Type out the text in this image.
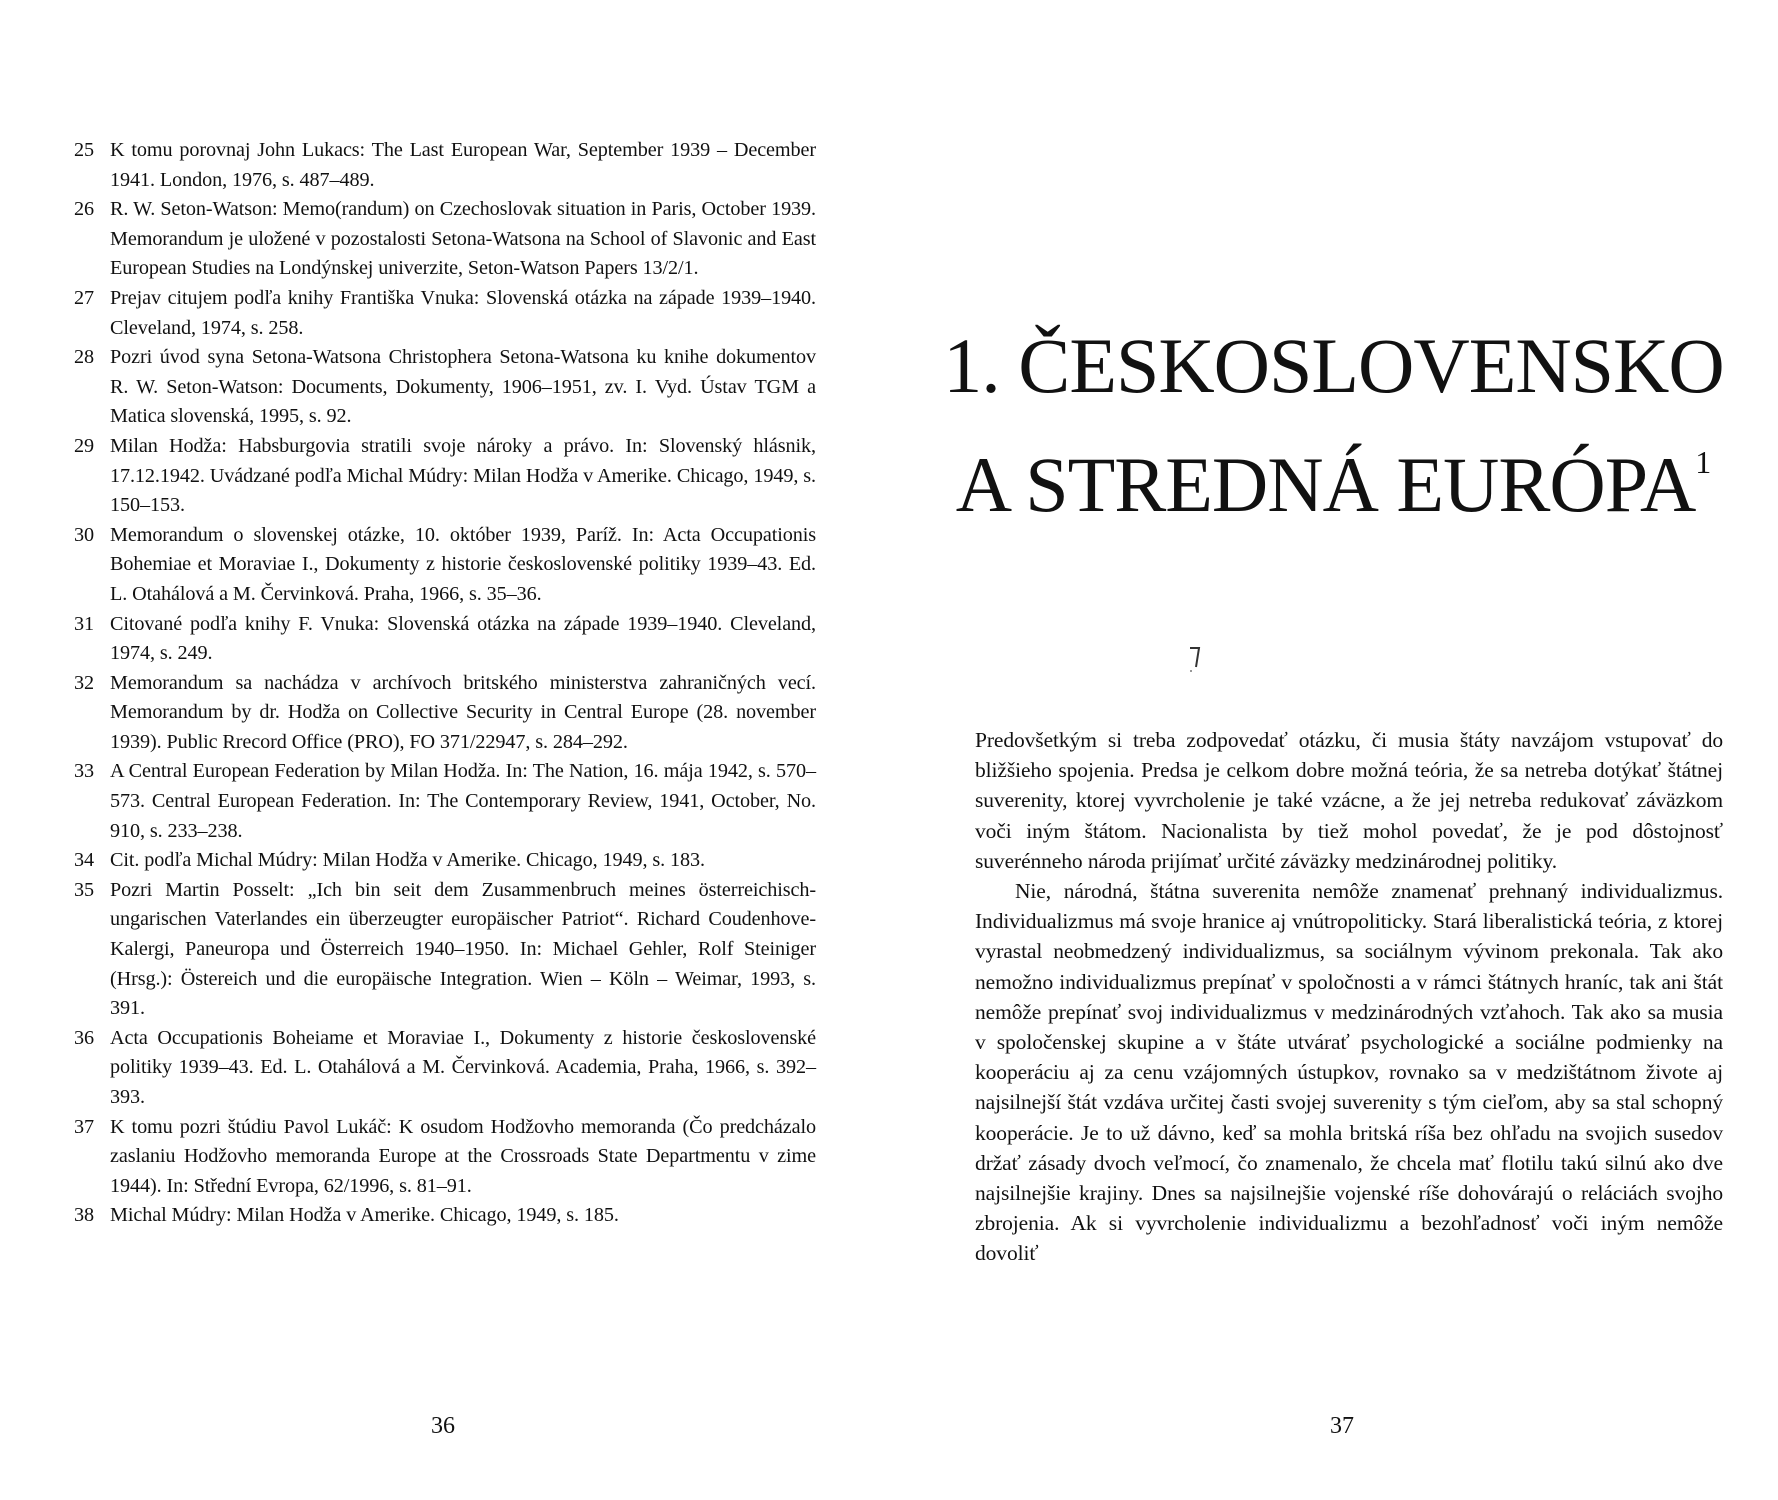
25 K tomu porovnaj John Lukacs: The Last European War, September 1939 – December 1941. London, 1976, s. 487–489.
26 R. W. Seton-Watson: Memo(randum) on Czechoslovak situation in Paris, October 1939. Memorandum je uložené v pozostalosti Setona-Watsona na School of Slavonic and East European Studies na Londýnskej univerzite, Seton-Watson Papers 13/2/1.
27 Prejav citujem podľa knihy Františka Vnuka: Slovenská otázka na západe 1939–1940. Cleveland, 1974, s. 258.
28 Pozri úvod syna Setona-Watsona Christophera Setona-Watsona ku knihe dokumentov R. W. Seton-Watson: Documents, Dokumenty, 1906–1951, zv. I. Vyd. Ústav TGM a Matica slovenská, 1995, s. 92.
29 Milan Hodža: Habsburgovia stratili svoje nároky a právo. In: Slovenský hlásnik, 17.12.1942. Uvádzané podľa Michal Múdry: Milan Hodža v Amerike. Chicago, 1949, s. 150–153.
30 Memorandum o slovenskej otázke, 10. október 1939, Paríž. In: Acta Occupationis Bohemiae et Moraviae I., Dokumenty z historie československé politiky 1939–43. Ed. L. Otahálová a M. Červinková. Praha, 1966, s. 35–36.
31 Citované podľa knihy F. Vnuka: Slovenská otázka na západe 1939–1940. Cleveland, 1974, s. 249.
32 Memorandum sa nachádza v archívoch britského ministerstva zahraničných vecí. Memorandum by dr. Hodža on Collective Security in Central Europe (28. november 1939). Public Rrecord Office (PRO), FO 371/22947, s. 284–292.
33 A Central European Federation by Milan Hodža. In: The Nation, 16. mája 1942, s. 570–573. Central European Federation. In: The Contemporary Review, 1941, October, No. 910, s. 233–238.
34 Cit. podľa Michal Múdry: Milan Hodža v Amerike. Chicago, 1949, s. 183.
35 Pozri Martin Posselt: „Ich bin seit dem Zusammenbruch meines österreichisch-ungarischen Vaterlandes ein überzeugter europäischer Patriot“. Richard Coudenhove-Kalergi, Paneuropa und Österreich 1940–1950. In: Michael Gehler, Rolf Steiniger (Hrsg.): Östereich und die europäische Integration. Wien – Köln – Weimar, 1993, s. 391.
36 Acta Occupationis Boheiame et Moraviae I., Dokumenty z historie československé politiky 1939–43. Ed. L. Otahálová a M. Červinková. Academia, Praha, 1966, s. 392–393.
37 K tomu pozri štúdiu Pavol Lukáč: K osudom Hodžovho memoranda (Čo predcházalo zaslaniu Hodžovho memoranda Europe at the Crossroads State Departmentu v zime 1944). In: Střední Evropa, 62/1996, s. 81–91.
38 Michal Múdry: Milan Hodža v Amerike. Chicago, 1949, s. 185.
36
1. ČESKOSLOVENSKO
A STREDNÁ EURÓPA$^1$

Predovšetkým si treba zodpovedať otázku, či musia štáty navzájom vstupovať do bližšieho spojenia. Predsa je celkom dobre možná teória, že sa netreba dotýkať štátnej suverenity, ktorej vyvrcholenie je také vzácne, a že jej netreba redukovať záväzkom voči iným štátom. Nacionalista by tiež mohol povedať, že je pod dôstojnosť suverénneho národa prijímať určité záväzky medzinárodnej politiky.

Nie, národná, štátna suverenita nemôže znamenať prehnaný individualizmus. Individualizmus má svoje hranice aj vnútropoliticky. Stará liberalistická teória, z ktorej vyrastal neobmedzený individualizmus, sa sociálnym vývinom prekonala. Tak ako nemožno individualizmus prepínať v spoločnosti a v rámci štátnych hraníc, tak ani štát nemôže prepínať svoj individualizmus v medzinárodných vzťahoch. Tak ako sa musia v spoločenskej skupine a v štáte utvárať psychologické a sociálne podmienky na kooperáciu aj za cenu vzájomných ústupkov, rovnako sa v medzištátnom živote aj najsilnejší štát vzdáva určitej časti svojej suverenity s tým cieľom, aby sa stal schopný kooperácie. Je to už dávno, keď sa mohla britská ríša bez ohľadu na svojich susedov držať zásady dvoch veľmocí, čo znamenalo, že chcela mať flotilu takú silnú ako dve najsilnejšie krajiny. Dnes sa najsilnejšie vojenské ríše dohovárajú o reláciách svojho zbrojenia. Ak si vyvrcholenie individualizmu a bezohľadnosť voči iným nemôže dovoliť

37
